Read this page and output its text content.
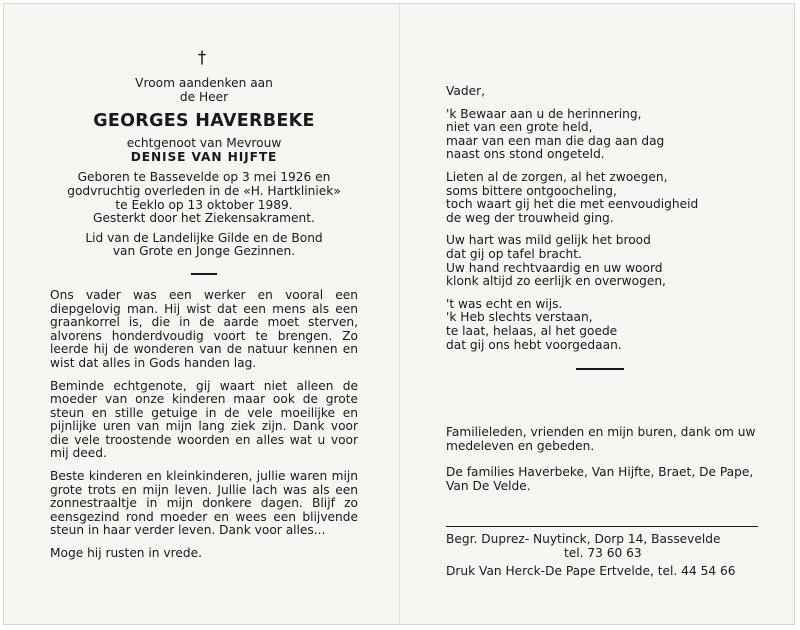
†
Vroom aandenken aan
de Heer
GEORGES HAVERBEKE
echtgenoot van Mevrouw
DENISE VAN HIJFTE
Geboren te Bassevelde op 3 mei 1926 en
godvruchtig overleden in de «H. Hartkliniek»
te Eeklo op 13 oktober 1989.
Gesterkt door het Ziekensakrament.
Lid van de Landelijke Gilde en de Bond
van Grote en Jonge Gezinnen.
Ons vader was een werker en vooral een diepgelovig man. Hij wist dat een mens als een graankorrel is, die in de aarde moet sterven, alvorens honderdvoudig voort te brengen. Zo leerde hij de wonderen van de natuur kennen en wist dat alles in Gods handen lag.
Beminde echtgenote, gij waart niet alleen de moeder van onze kinderen maar ook de grote steun en stille getuige in de vele moeilijke en pijnlijke uren van mijn lang ziek zijn. Dank voor die vele troostende woorden en alles wat u voor mij deed.
Beste kinderen en kleinkinderen, jullie waren mijn grote trots en mijn leven. Jullie lach was als een zonnestraaltje in mijn donkere dagen. Blijf zo eensgezind rond moeder en wees een blijvende steun in haar verder leven. Dank voor alles...
Moge hij rusten in vrede.
Vader,
'k Bewaar aan u de herinnering,
niet van een grote held,
maar van een man die dag aan dag
naast ons stond ongeteld.
Lieten al de zorgen, al het zwoegen,
soms bittere ontgoocheling,
toch waart gij het die met eenvoudigheid
de weg der trouwheid ging.
Uw hart was mild gelijk het brood
dat gij op tafel bracht.
Uw hand rechtvaardig en uw woord
klonk altijd zo eerlijk en overwogen,
't was echt en wijs.
'k Heb slechts verstaan,
te laat, helaas, al het goede
dat gij ons hebt voorgedaan.
Familieleden, vrienden en mijn buren, dank om uw medeleven en gebeden.
De families Haverbeke, Van Hijfte, Braet, De Pape, Van De Velde.
Begr. Duprez- Nuytinck, Dorp 14, Bassevelde
tel. 73 60 63
Druk Van Herck-De Pape Ertvelde, tel. 44 54 66
